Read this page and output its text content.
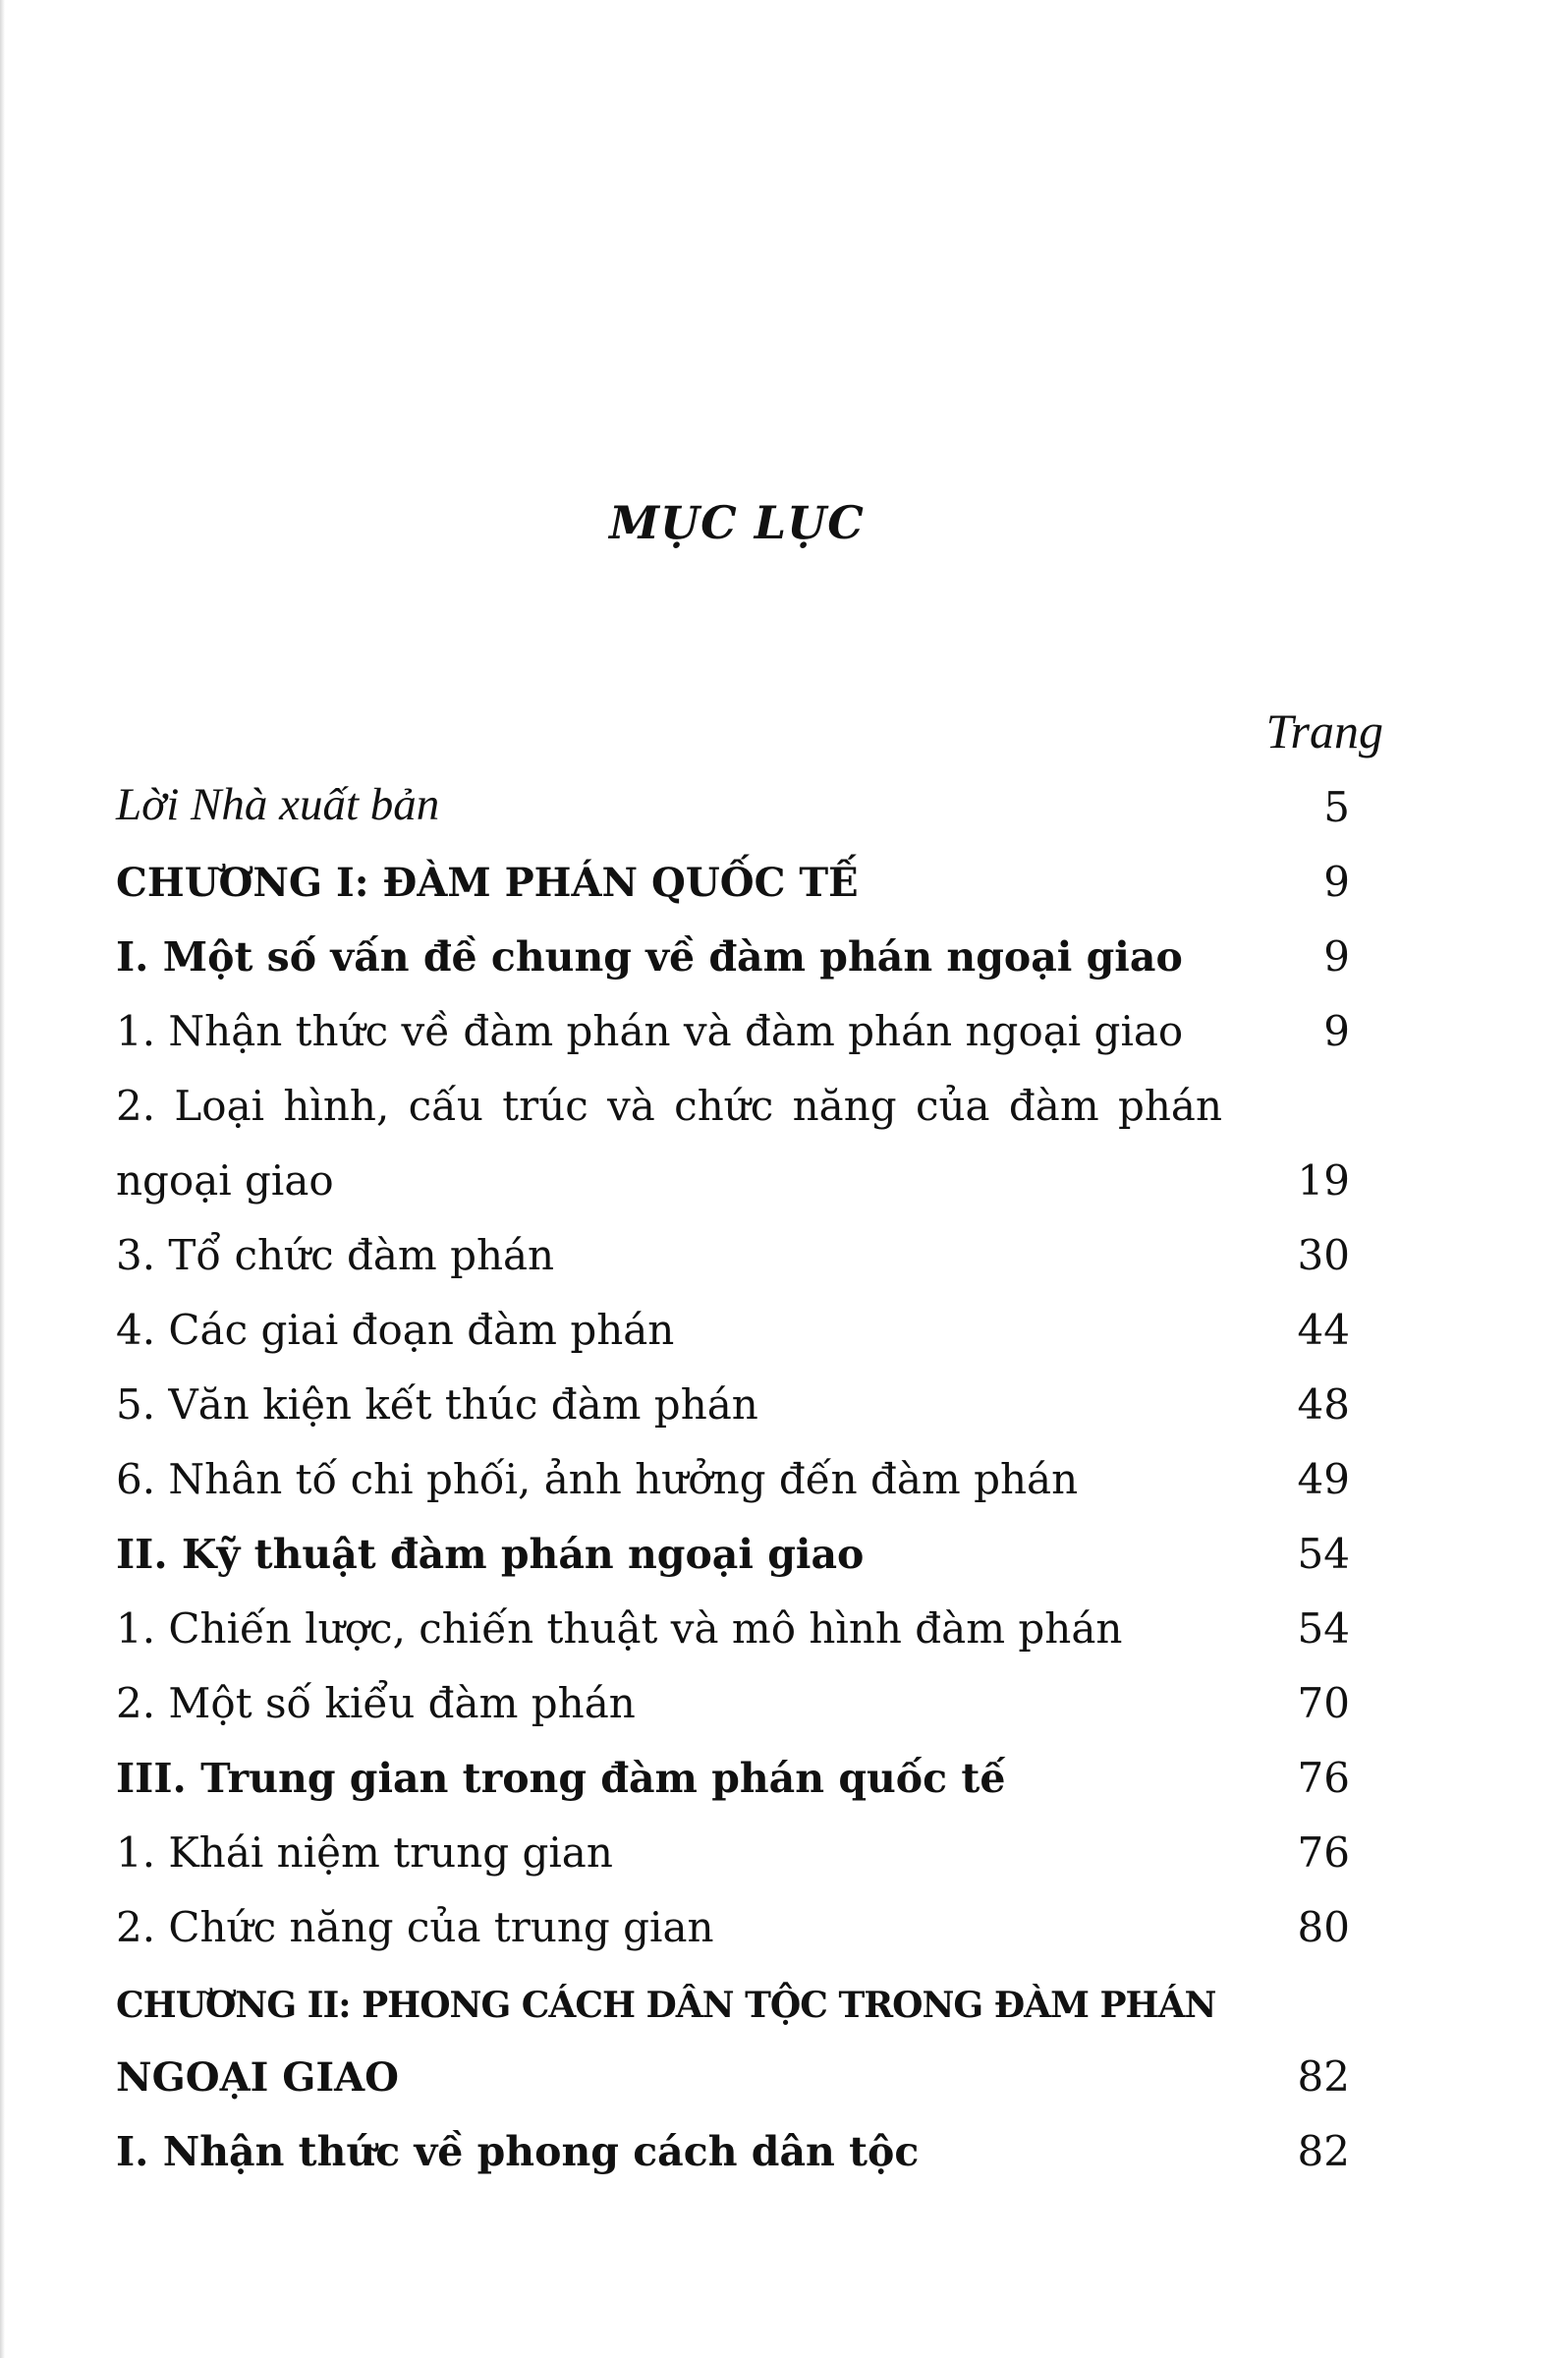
MỤC LỤC
Trang
Lời Nhà xuất bản	5
CHƯƠNG I: ĐÀM PHÁN QUỐC TẾ	9
I. Một số vấn đề chung về đàm phán ngoại giao	9
1. Nhận thức về đàm phán và đàm phán ngoại giao	9
2. Loại hình, cấu trúc và chức năng của đàm phán
ngoại giao	19
3. Tổ chức đàm phán	30
4. Các giai đoạn đàm phán	44
5. Văn kiện kết thúc đàm phán	48
6. Nhân tố chi phối, ảnh hưởng đến đàm phán	49
II. Kỹ thuật đàm phán ngoại giao	54
1. Chiến lược, chiến thuật và mô hình đàm phán	54
2. Một số kiểu đàm phán	70
III. Trung gian trong đàm phán quốc tế	76
1. Khái niệm trung gian	76
2. Chức năng của trung gian	80
CHƯƠNG II: PHONG CÁCH DÂN TỘC TRONG ĐÀM PHÁN
NGOẠI GIAO	82
I. Nhận thức về phong cách dân tộc	82
